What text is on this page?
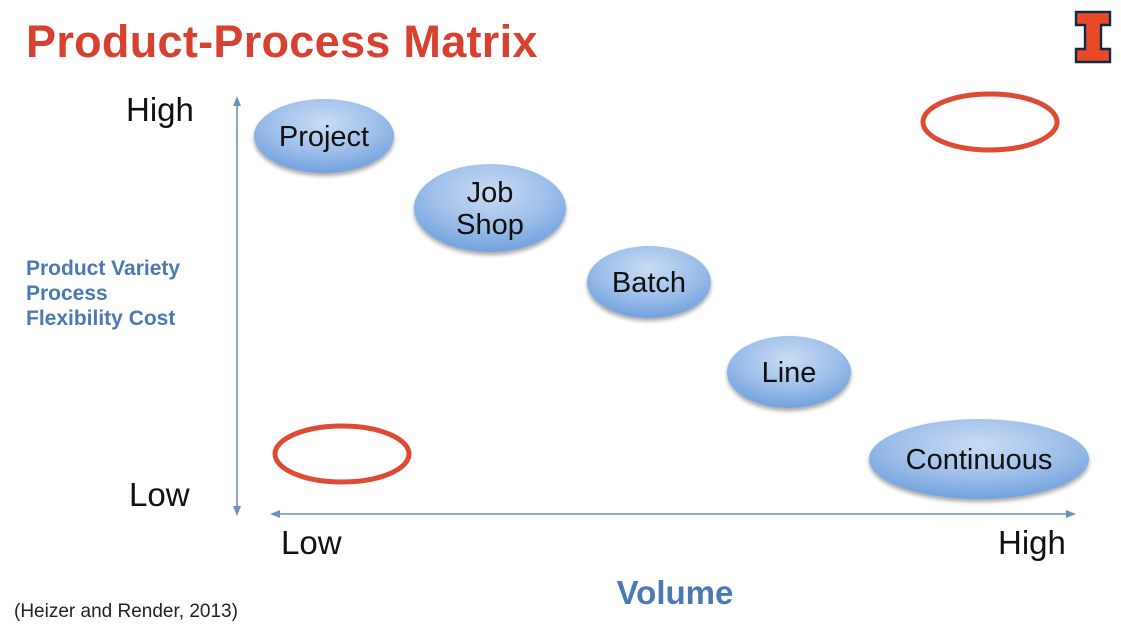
Product-Process Matrix
High
Low
Product Variety
Process
Flexibility Cost
Low	High
Volume
(Heizer and Render, 2013)
Project
Job
Shop
Batch
Line
Continuous
